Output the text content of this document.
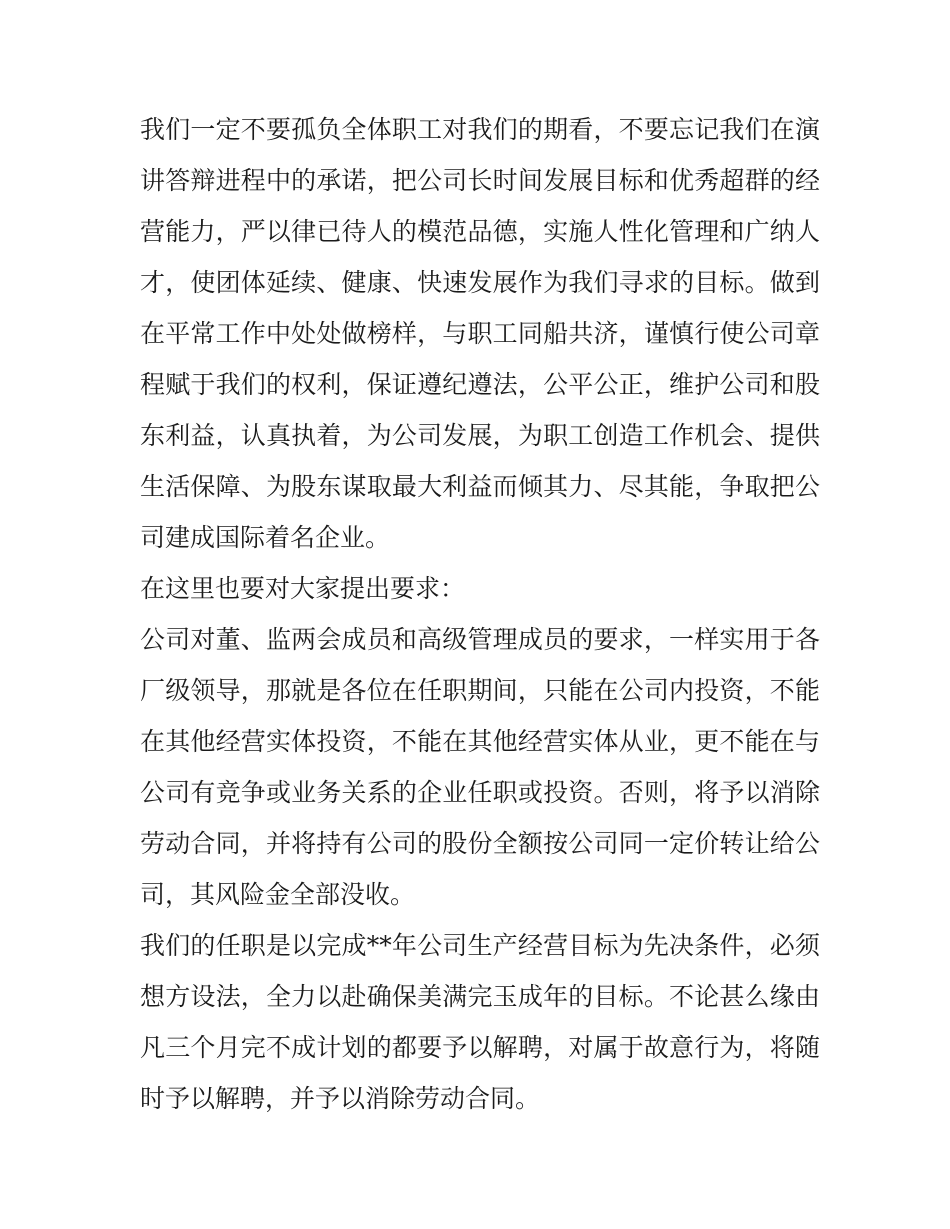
我们一定不要孤负全体职工对我们的期看，不要忘记我们在演
讲答辩进程中的承诺，把公司长时间发展目标和优秀超群的经
营能力，严以律已待人的模范品德，实施人性化管理和广纳人
才，使团体延续、健康、快速发展作为我们寻求的目标。做到
在平常工作中处处做榜样，与职工同船共济，谨慎行使公司章
程赋于我们的权利，保证遵纪遵法，公平公正，维护公司和股
东利益，认真执着，为公司发展，为职工创造工作机会、提供
生活保障、为股东谋取最大利益而倾其力、尽其能，争取把公
司建成国际着名企业。
在这里也要对大家提出要求：
公司对董、监两会成员和高级管理成员的要求，一样实用于各
厂级领导，那就是各位在任职期间，只能在公司内投资，不能
在其他经营实体投资，不能在其他经营实体从业，更不能在与
公司有竞争或业务关系的企业任职或投资。否则，将予以消除
劳动合同，并将持有公司的股份全额按公司同一定价转让给公
司，其风险金全部没收。
我们的任职是以完成**年公司生产经营目标为先决条件，必须
想方设法，全力以赴确保美满完玉成年的目标。不论甚么缘由
凡三个月完不成计划的都要予以解聘，对属于故意行为，将随
时予以解聘，并予以消除劳动合同。
